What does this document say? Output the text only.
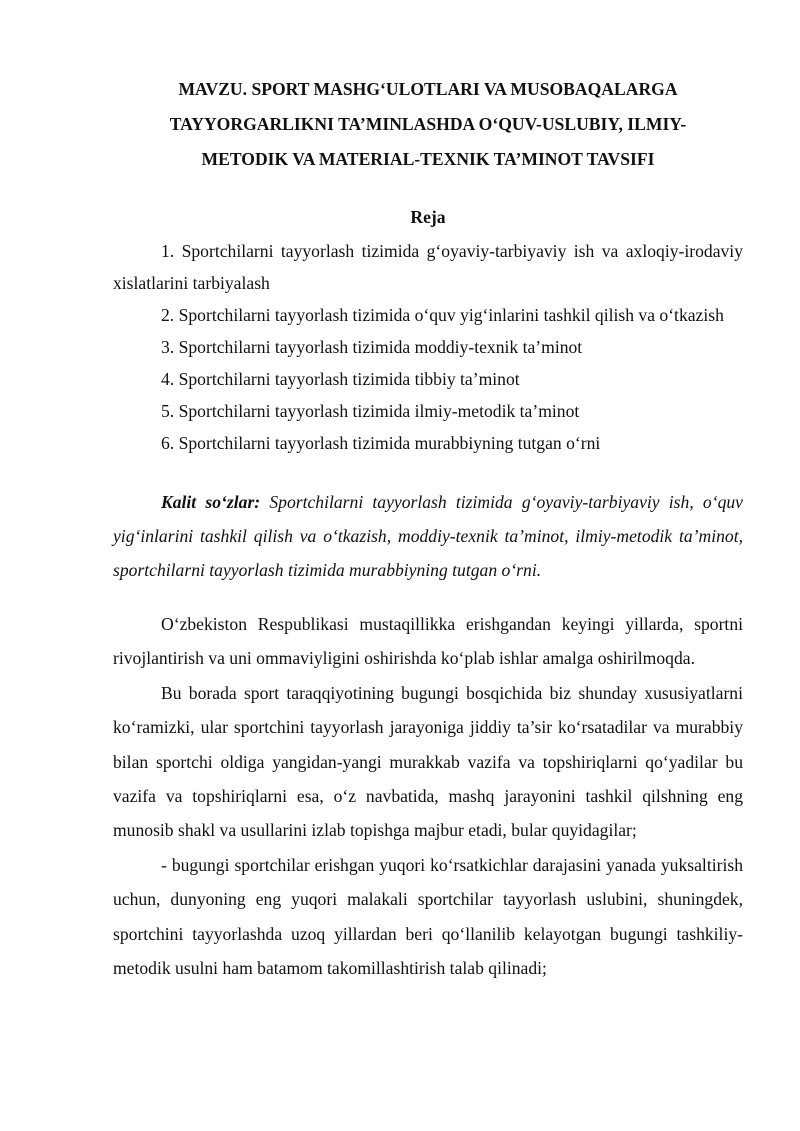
MAVZU. SPORT MASHG‘ULOTLARI VA MUSOBAQALARGA

TAYYORGARLIKNI TA’MINLASHDA O‘QUV-USLUBIY, ILMIY-

METODIK VA MATERIAL-TEXNIK TA’MINOT TAVSIFI

Reja

1. Sportchilarni tayyorlash tizimida g‘oyaviy-tarbiyaviy ish va axloqiy-irodaviy xislatlarini tarbiyalash
2. Sportchilarni tayyorlash tizimida o‘quv yig‘inlarini tashkil qilish va o‘tkazish
3. Sportchilarni tayyorlash tizimida moddiy-texnik ta’minot
4. Sportchilarni tayyorlash tizimida tibbiy ta’minot
5. Sportchilarni tayyorlash tizimida ilmiy-metodik ta’minot
6. Sportchilarni tayyorlash tizimida murabbiyning tutgan o‘rni

Kalit so‘zlar: Sportchilarni tayyorlash tizimida g‘oyaviy-tarbiyaviy ish, o‘quv yig‘inlarini tashkil qilish va o‘tkazish, moddiy-texnik ta’minot, ilmiy-metodik ta’minot, sportchilarni tayyorlash tizimida murabbiyning tutgan o‘rni.

O‘zbekiston Respublikasi mustaqillikka erishgandan keyingi yillarda, sportni rivojlantirish va uni ommaviyligini oshirishda ko‘plab ishlar amalga oshirilmoqda.

Bu borada sport taraqqiyotining bugungi bosqichida biz shunday xususiyatlarni ko‘ramizki, ular sportchini tayyorlash jarayoniga jiddiy ta’sir ko‘rsatadilar va murabbiy bilan sportchi oldiga yangidan-yangi murakkab vazifa va topshiriqlarni qo‘yadilar bu vazifa va topshiriqlarni esa, o‘z navbatida, mashq jarayonini tashkil qilshning eng munosib shakl va usullarini izlab topishga majbur etadi, bular quyidagilar;

- bugungi sportchilar erishgan yuqori ko‘rsatkichlar darajasini yanada yuksaltirish uchun, dunyoning eng yuqori malakali sportchilar tayyorlash uslubini, shuningdek, sportchini tayyorlashda uzoq yillardan beri qo‘llanilib kelayotgan bugungi tashkiliy-metodik usulni ham batamom takomillashtirish talab qilinadi;
